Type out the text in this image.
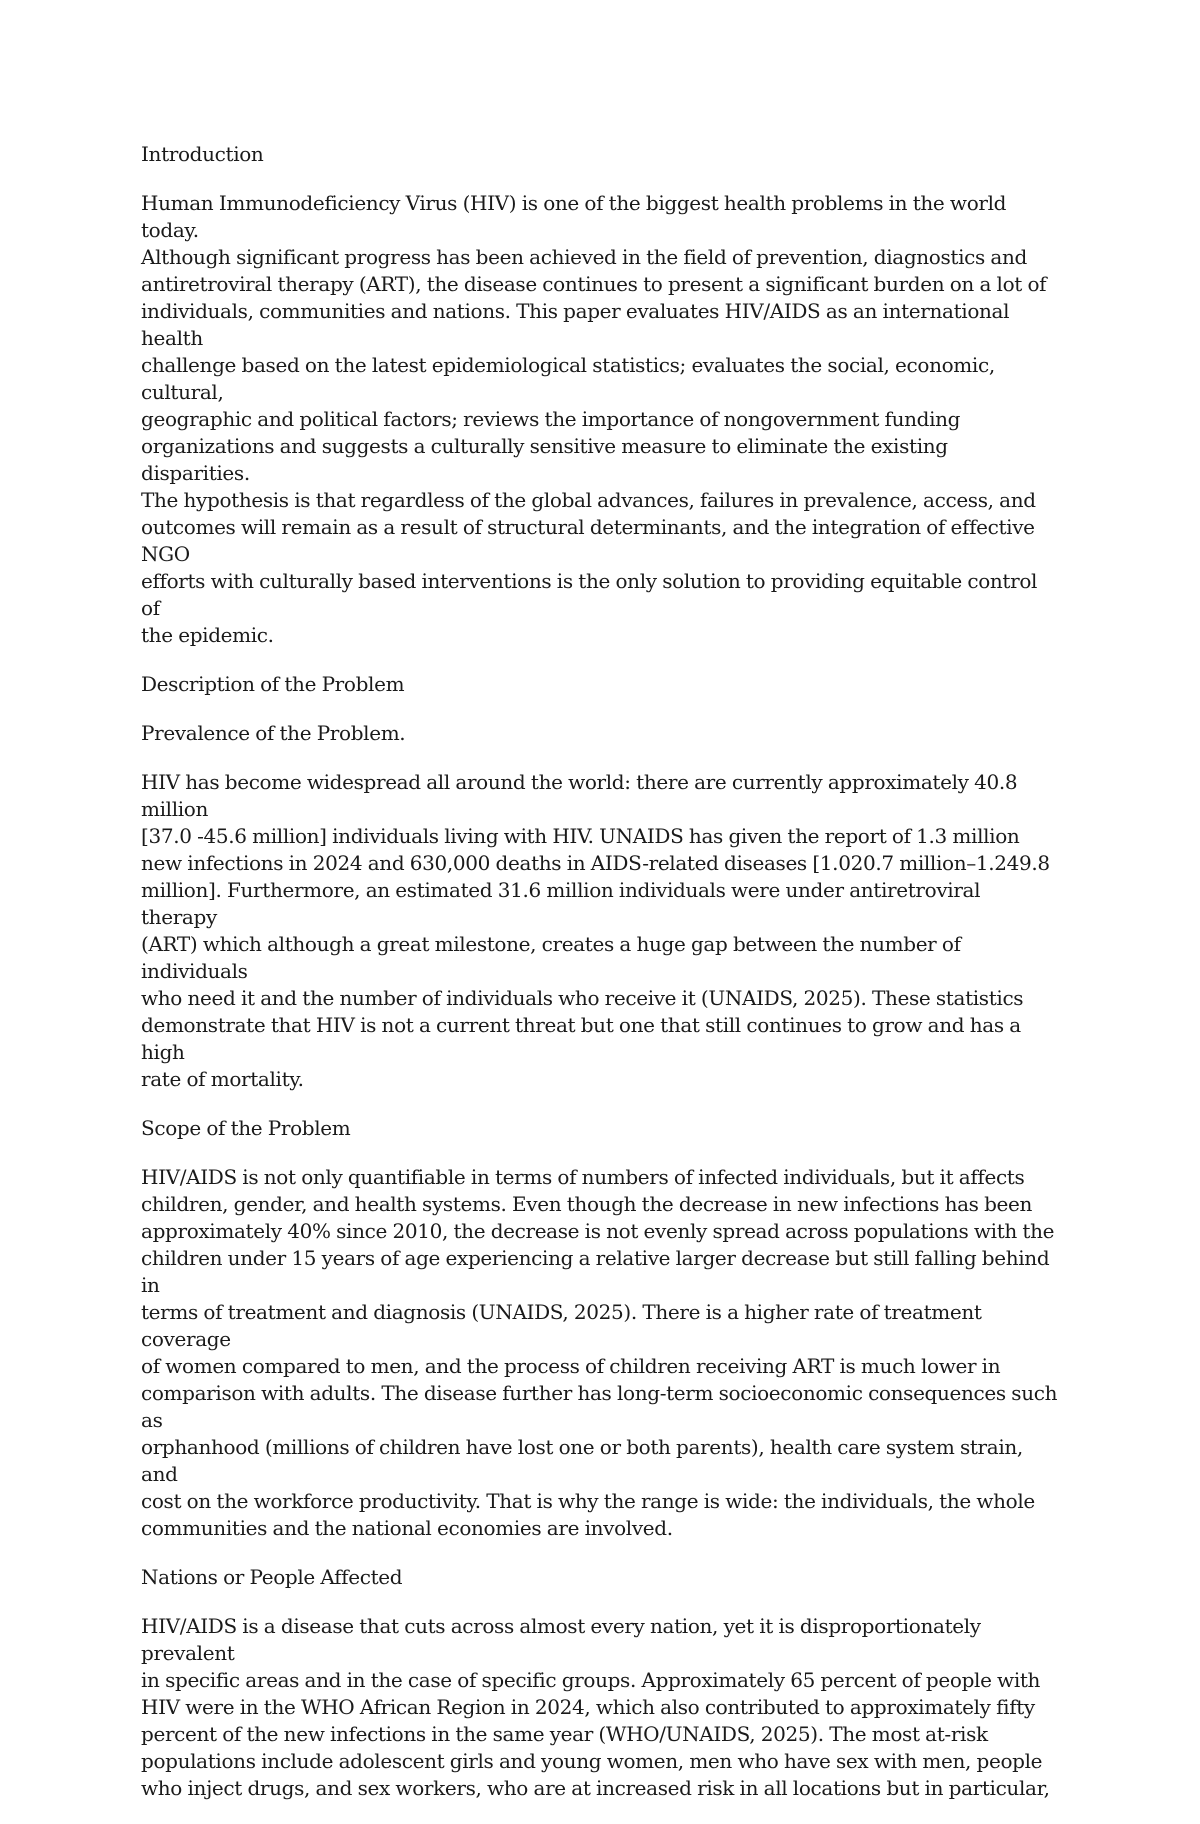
Introduction

Human Immunodeficiency Virus (HIV) is one of the biggest health problems in the world today.
Although significant progress has been achieved in the field of prevention, diagnostics and
antiretroviral therapy (ART), the disease continues to present a significant burden on a lot of
individuals, communities and nations. This paper evaluates HIV/AIDS as an international health
challenge based on the latest epidemiological statistics; evaluates the social, economic, cultural,
geographic and political factors; reviews the importance of nongovernment funding
organizations and suggests a culturally sensitive measure to eliminate the existing disparities.
The hypothesis is that regardless of the global advances, failures in prevalence, access, and
outcomes will remain as a result of structural determinants, and the integration of effective NGO
efforts with culturally based interventions is the only solution to providing equitable control of
the epidemic.

Description of the Problem
Prevalence of the Problem.

HIV has become widespread all around the world: there are currently approximately 40.8 million
[37.0 -45.6 million] individuals living with HIV. UNAIDS has given the report of 1.3 million
new infections in 2024 and 630,000 deaths in AIDS-related diseases [1.020.7 million–1.249.8
million]. Furthermore, an estimated 31.6 million individuals were under antiretroviral therapy
(ART) which although a great milestone, creates a huge gap between the number of individuals
who need it and the number of individuals who receive it (UNAIDS, 2025). These statistics
demonstrate that HIV is not a current threat but one that still continues to grow and has a high
rate of mortality.

Scope of the Problem

HIV/AIDS is not only quantifiable in terms of numbers of infected individuals, but it affects
children, gender, and health systems. Even though the decrease in new infections has been
approximately 40% since 2010, the decrease is not evenly spread across populations with the
children under 15 years of age experiencing a relative larger decrease but still falling behind in
terms of treatment and diagnosis (UNAIDS, 2025). There is a higher rate of treatment coverage
of women compared to men, and the process of children receiving ART is much lower in
comparison with adults. The disease further has long-term socioeconomic consequences such as
orphanhood (millions of children have lost one or both parents), health care system strain, and
cost on the workforce productivity. That is why the range is wide: the individuals, the whole
communities and the national economies are involved.

Nations or People Affected

HIV/AIDS is a disease that cuts across almost every nation, yet it is disproportionately prevalent
in specific areas and in the case of specific groups. Approximately 65 percent of people with
HIV were in the WHO African Region in 2024, which also contributed to approximately fifty
percent of the new infections in the same year (WHO/UNAIDS, 2025). The most at-risk
populations include adolescent girls and young women, men who have sex with men, people
who inject drugs, and sex workers, who are at increased risk in all locations but in particular,
